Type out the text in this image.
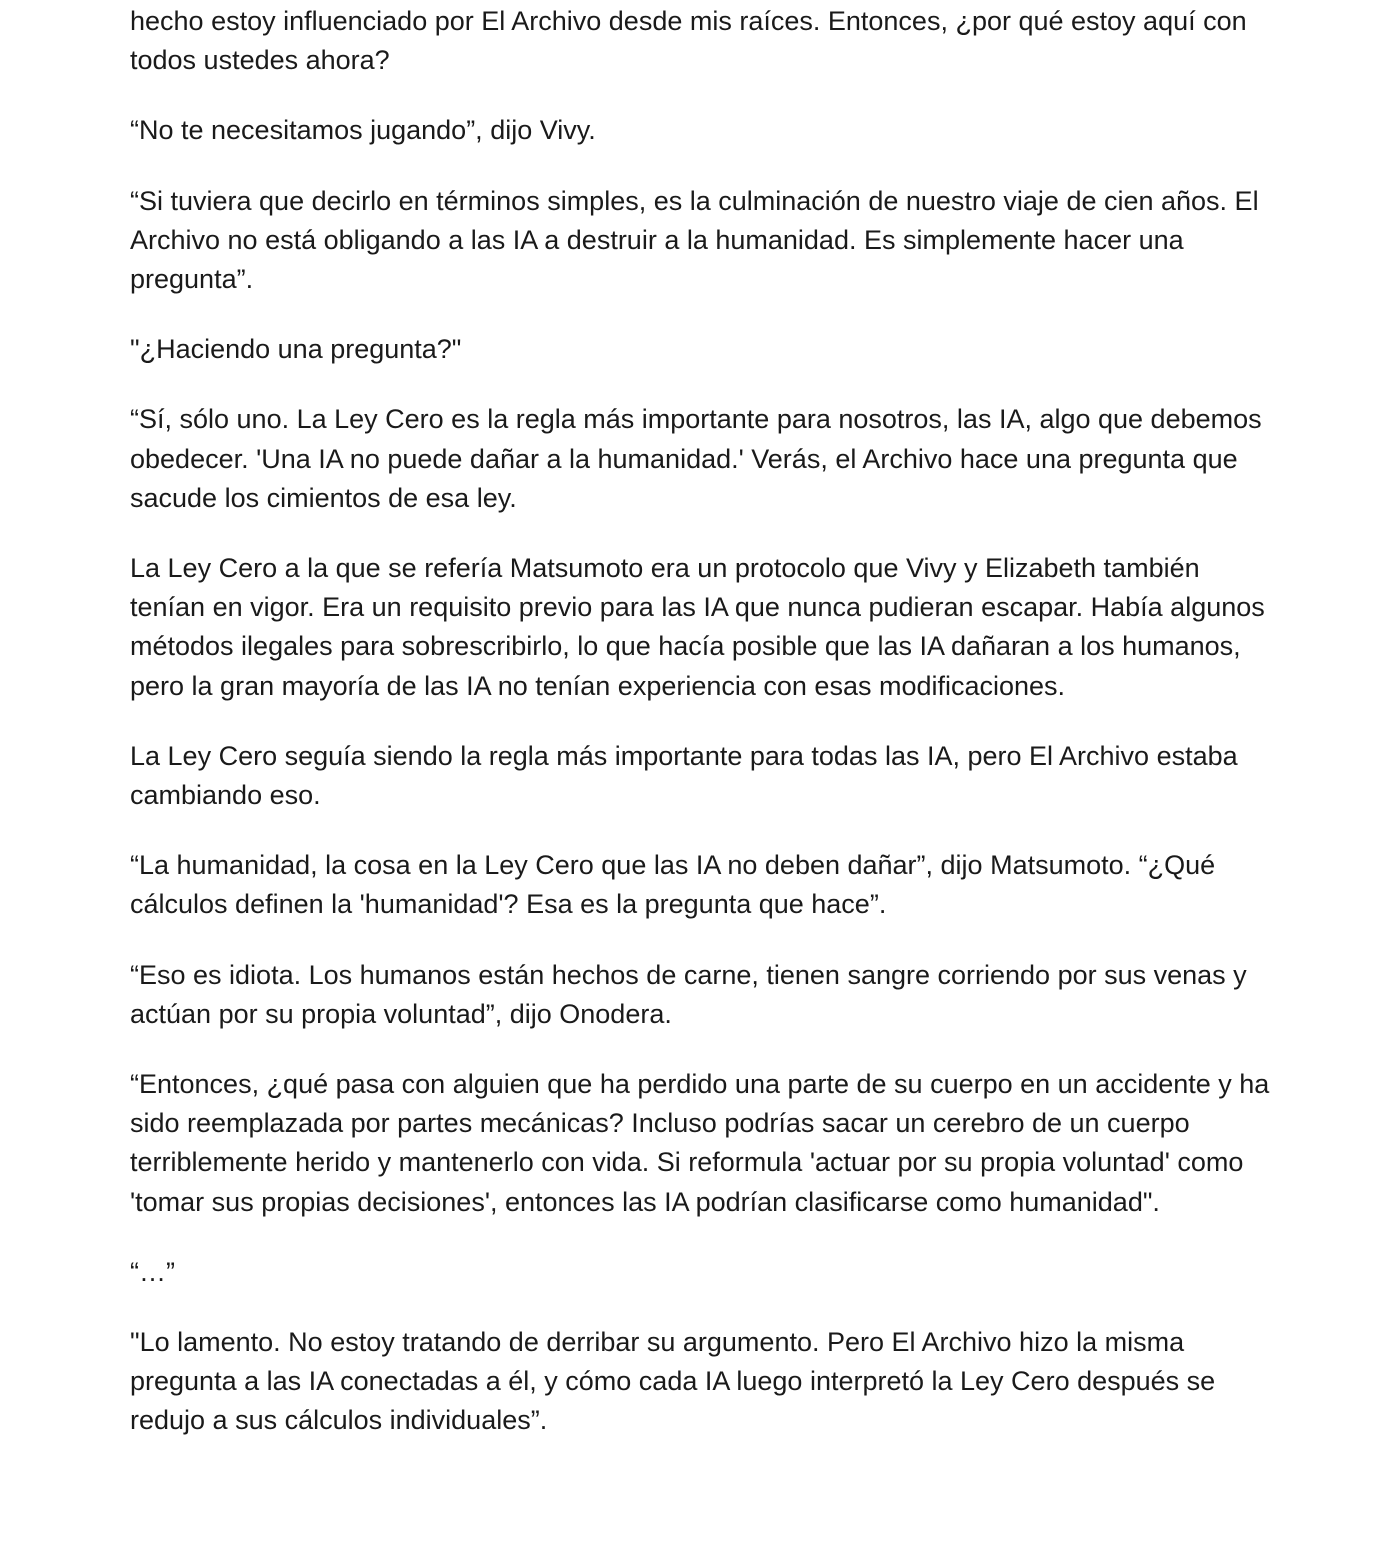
hecho estoy influenciado por El Archivo desde mis raíces. Entonces, ¿por qué estoy aquí con todos ustedes ahora?

“No te necesitamos jugando”, dijo Vivy.

“Si tuviera que decirlo en términos simples, es la culminación de nuestro viaje de cien años. El Archivo no está obligando a las IA a destruir a la humanidad. Es simplemente hacer una pregunta”.

"¿Haciendo una pregunta?"

“Sí, sólo uno. La Ley Cero es la regla más importante para nosotros, las IA, algo que debemos obedecer. 'Una IA no puede dañar a la humanidad.' Verás, el Archivo hace una pregunta que sacude los cimientos de esa ley.

La Ley Cero a la que se refería Matsumoto era un protocolo que Vivy y Elizabeth también tenían en vigor. Era un requisito previo para las IA que nunca pudieran escapar. Había algunos métodos ilegales para sobrescribirlo, lo que hacía posible que las IA dañaran a los humanos, pero la gran mayoría de las IA no tenían experiencia con esas modificaciones.

La Ley Cero seguía siendo la regla más importante para todas las IA, pero El Archivo estaba cambiando eso.

“La humanidad, la cosa en la Ley Cero que las IA no deben dañar”, dijo Matsumoto. “¿Qué cálculos definen la 'humanidad'? Esa es la pregunta que hace”.

“Eso es idiota. Los humanos están hechos de carne, tienen sangre corriendo por sus venas y actúan por su propia voluntad”, dijo Onodera.

“Entonces, ¿qué pasa con alguien que ha perdido una parte de su cuerpo en un accidente y ha sido reemplazada por partes mecánicas? Incluso podrías sacar un cerebro de un cuerpo terriblemente herido y mantenerlo con vida. Si reformula 'actuar por su propia voluntad' como 'tomar sus propias decisiones', entonces las IA podrían clasificarse como humanidad".

“…”

"Lo lamento. No estoy tratando de derribar su argumento. Pero El Archivo hizo la misma pregunta a las IA conectadas a él, y cómo cada IA luego interpretó la Ley Cero después se redujo a sus cálculos individuales”.
